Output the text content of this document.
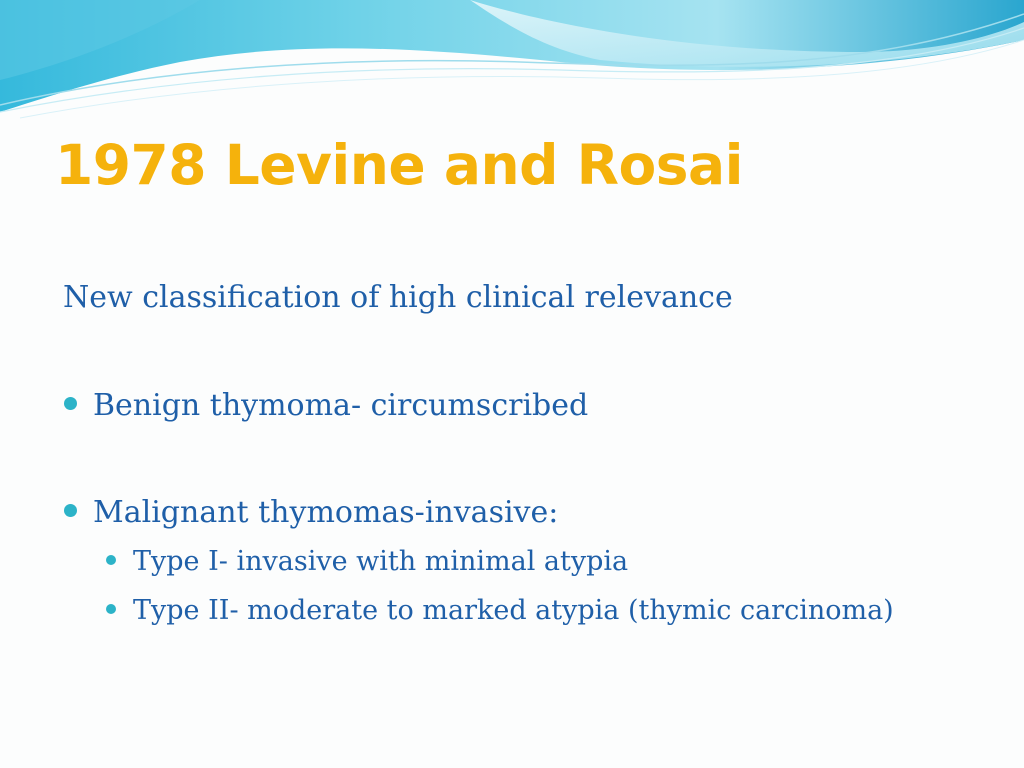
1978 Levine and Rosai
New classification of high clinical relevance
Benign thymoma- circumscribed
Malignant thymomas-invasive:
Type I- invasive with minimal atypia
Type II- moderate to marked atypia (thymic carcinoma)
